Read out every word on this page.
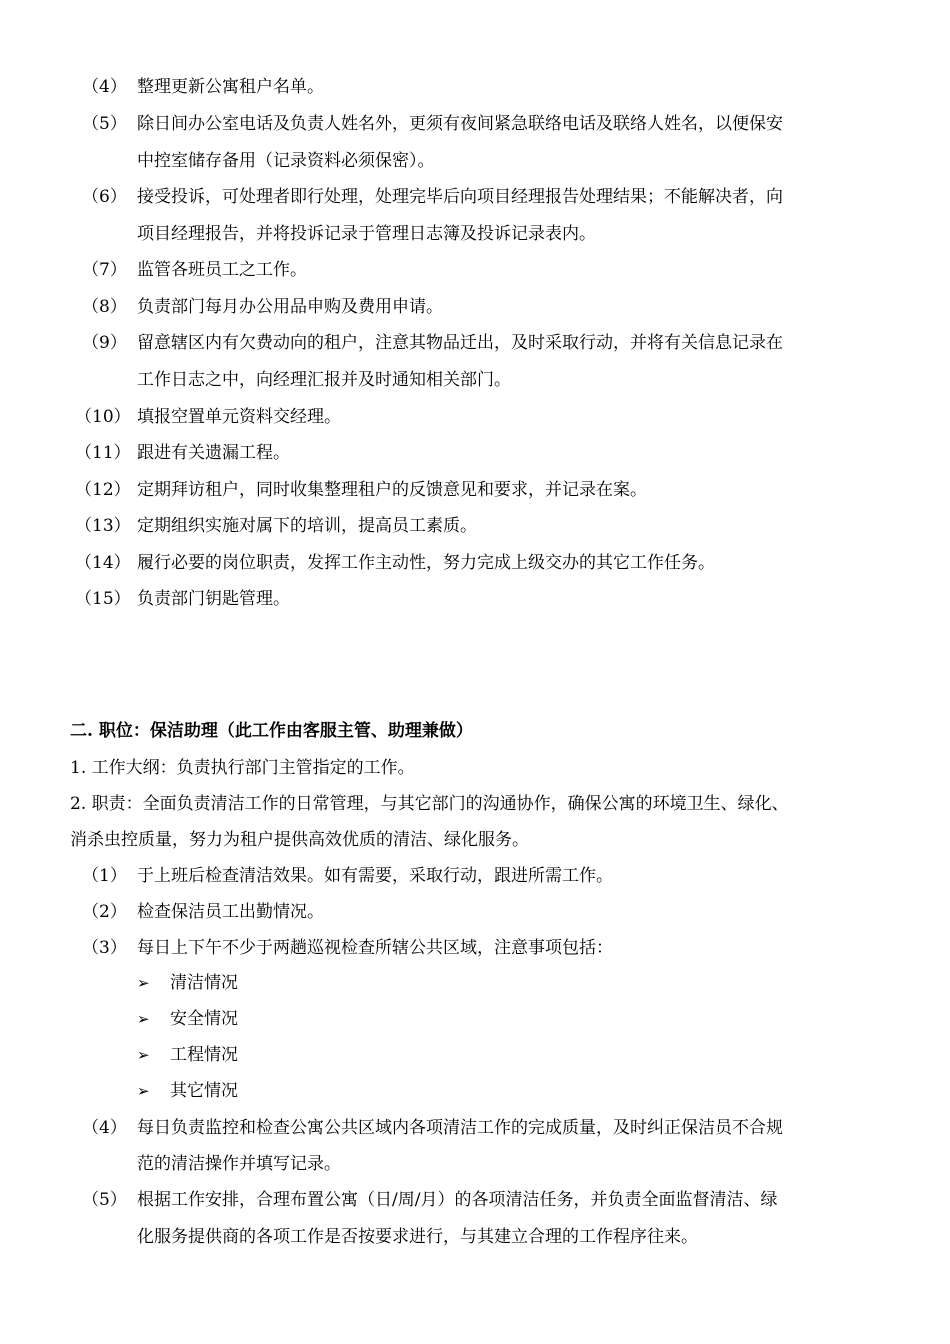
（4） 整理更新公寓租户名单。
（5） 除日间办公室电话及负责人姓名外，更须有夜间紧急联络电话及联络人姓名，以便保安
中控室储存备用（记录资料必须保密）。
（6） 接受投诉，可处理者即行处理，处理完毕后向项目经理报告处理结果；不能解决者，向
项目经理报告，并将投诉记录于管理日志簿及投诉记录表内。
（7） 监管各班员工之工作。
（8） 负责部门每月办公用品申购及费用申请。
（9） 留意辖区内有欠费动向的租户，注意其物品迁出，及时采取行动，并将有关信息记录在
工作日志之中，向经理汇报并及时通知相关部门。
（10） 填报空置单元资料交经理。
（11） 跟进有关遗漏工程。
（12） 定期拜访租户，同时收集整理租户的反馈意见和要求，并记录在案。
（13） 定期组织实施对属下的培训，提高员工素质。
（14） 履行必要的岗位职责，发挥工作主动性，努力完成上级交办的其它工作任务。
（15） 负责部门钥匙管理。
二. 职位：保洁助理（此工作由客服主管、助理兼做）
1. 工作大纲：负责执行部门主管指定的工作。
2. 职责：全面负责清洁工作的日常管理，与其它部门的沟通协作，确保公寓的环境卫生、绿化、
消杀虫控质量，努力为租户提供高效优质的清洁、绿化服务。
（1） 于上班后检查清洁效果。如有需要，采取行动，跟进所需工作。
（2） 检查保洁员工出勤情况。
（3） 每日上下午不少于两趟巡视检查所辖公共区域，注意事项包括：
➢ 清洁情况
➢ 安全情况
➢ 工程情况
➢ 其它情况
（4） 每日负责监控和检查公寓公共区域内各项清洁工作的完成质量，及时纠正保洁员不合规
范的清洁操作并填写记录。
（5） 根据工作安排，合理布置公寓（日/周/月）的各项清洁任务，并负责全面监督清洁、绿
化服务提供商的各项工作是否按要求进行，与其建立合理的工作程序往来。
